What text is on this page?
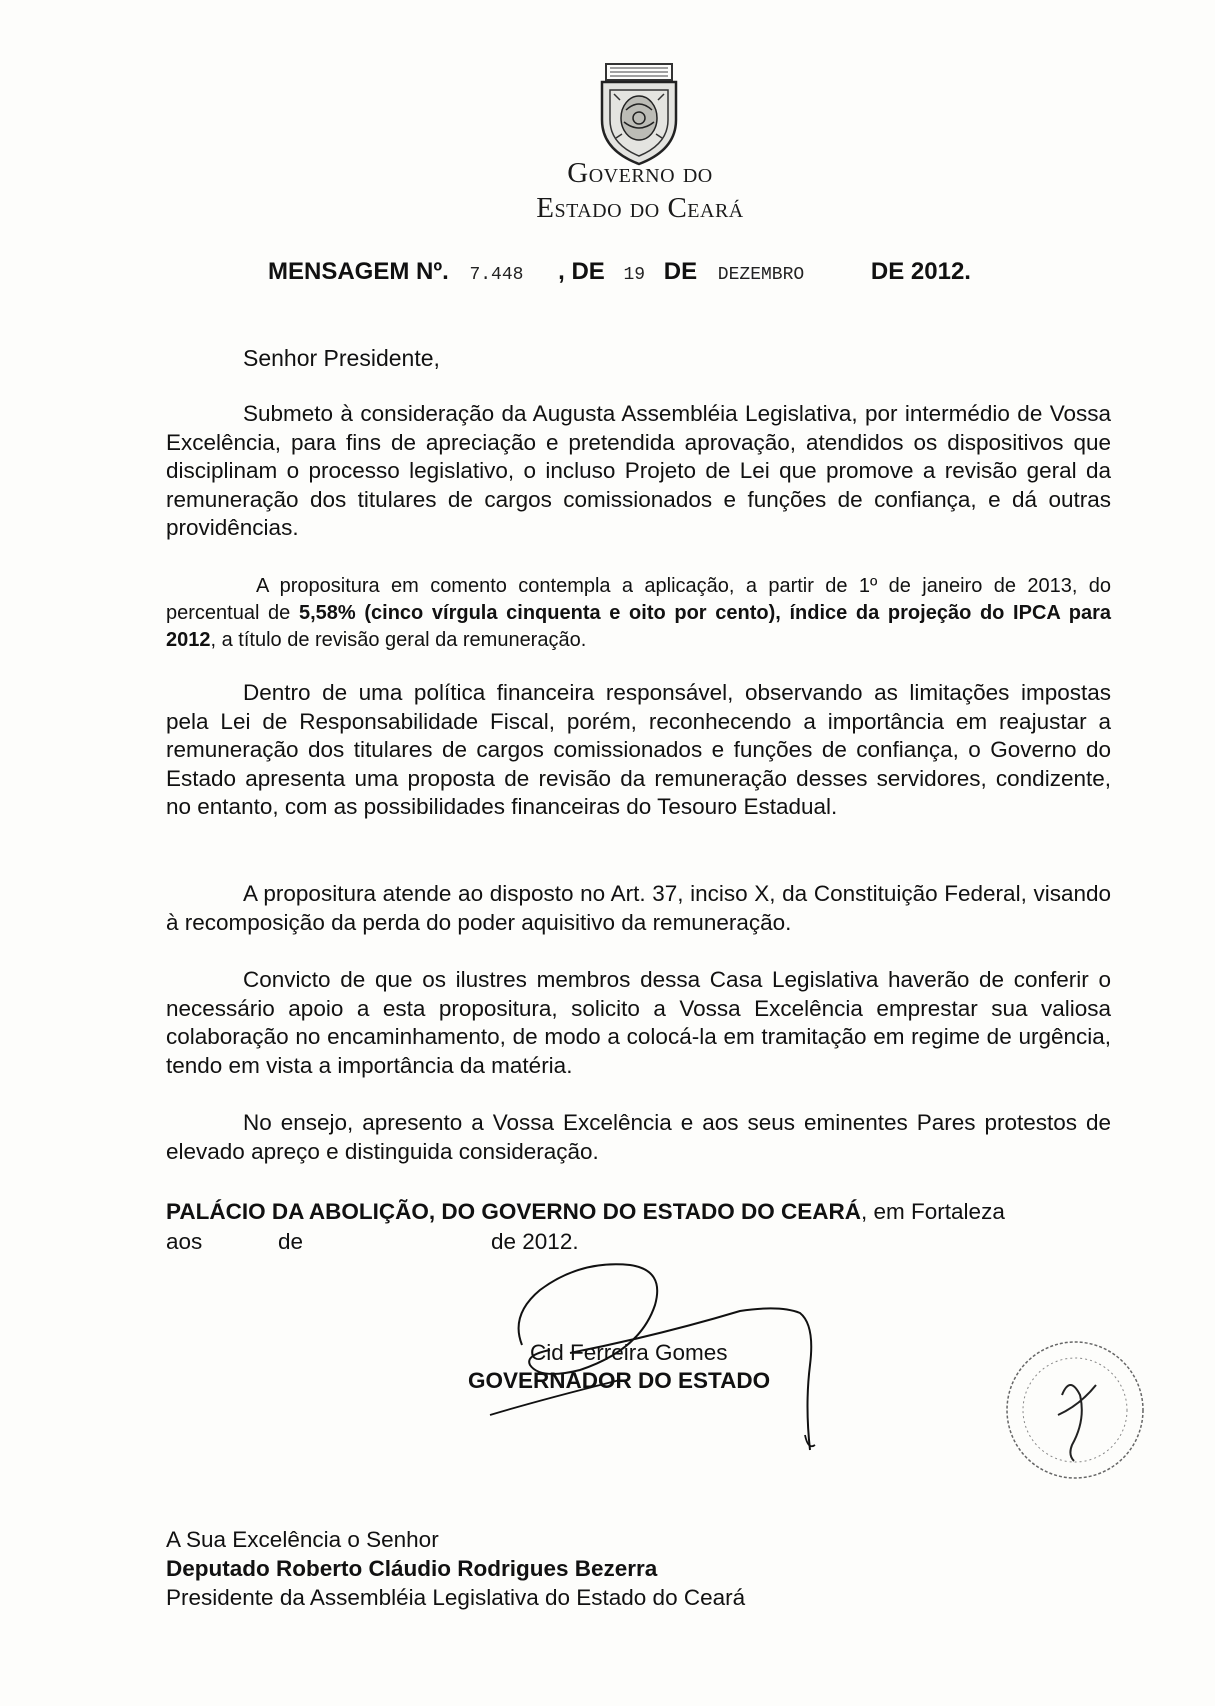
Governo do
Estado do Ceará
MENSAGEM Nº. 7.448 , DE 19 DE DEZEMBRO	DE 2012.
Senhor Presidente,

Submeto à consideração da Augusta Assembléia Legislativa, por intermédio de Vossa Excelência, para fins de apreciação e pretendida aprovação, atendidos os dispositivos que disciplinam o processo legislativo, o incluso Projeto de Lei que promove a revisão geral da remuneração dos titulares de cargos comissionados e funções de confiança, e dá outras providências.

A propositura em comento contempla a aplicação, a partir de 1º de janeiro de 2013, do percentual de 5,58% (cinco vírgula cinquenta e oito por cento), índice da projeção do IPCA para 2012, a título de revisão geral da remuneração.

Dentro de uma política financeira responsável, observando as limitações impostas pela Lei de Responsabilidade Fiscal, porém, reconhecendo a importância em reajustar a remuneração dos titulares de cargos comissionados e funções de confiança, o Governo do Estado apresenta uma proposta de revisão da remuneração desses servidores, condizente, no entanto, com as possibilidades financeiras do Tesouro Estadual.

A propositura atende ao disposto no Art. 37, inciso X, da Constituição Federal, visando à recomposição da perda do poder aquisitivo da remuneração.

Convicto de que os ilustres membros dessa Casa Legislativa haverão de conferir o necessário apoio a esta propositura, solicito a Vossa Excelência emprestar sua valiosa colaboração no encaminhamento, de modo a colocá-la em tramitação em regime de urgência, tendo em vista a importância da matéria.

No ensejo, apresento a Vossa Excelência e aos seus eminentes Pares protestos de elevado apreço e distinguida consideração.

PALÁCIO DA ABOLIÇÃO, DO GOVERNO DO ESTADO DO CEARÁ, em Fortaleza
aos	de	de 2012.
Cid Ferreira Gomes
GOVERNADOR DO ESTADO
A Sua Excelência o Senhor
Deputado Roberto Cláudio Rodrigues Bezerra
Presidente da Assembléia Legislativa do Estado do Ceará
